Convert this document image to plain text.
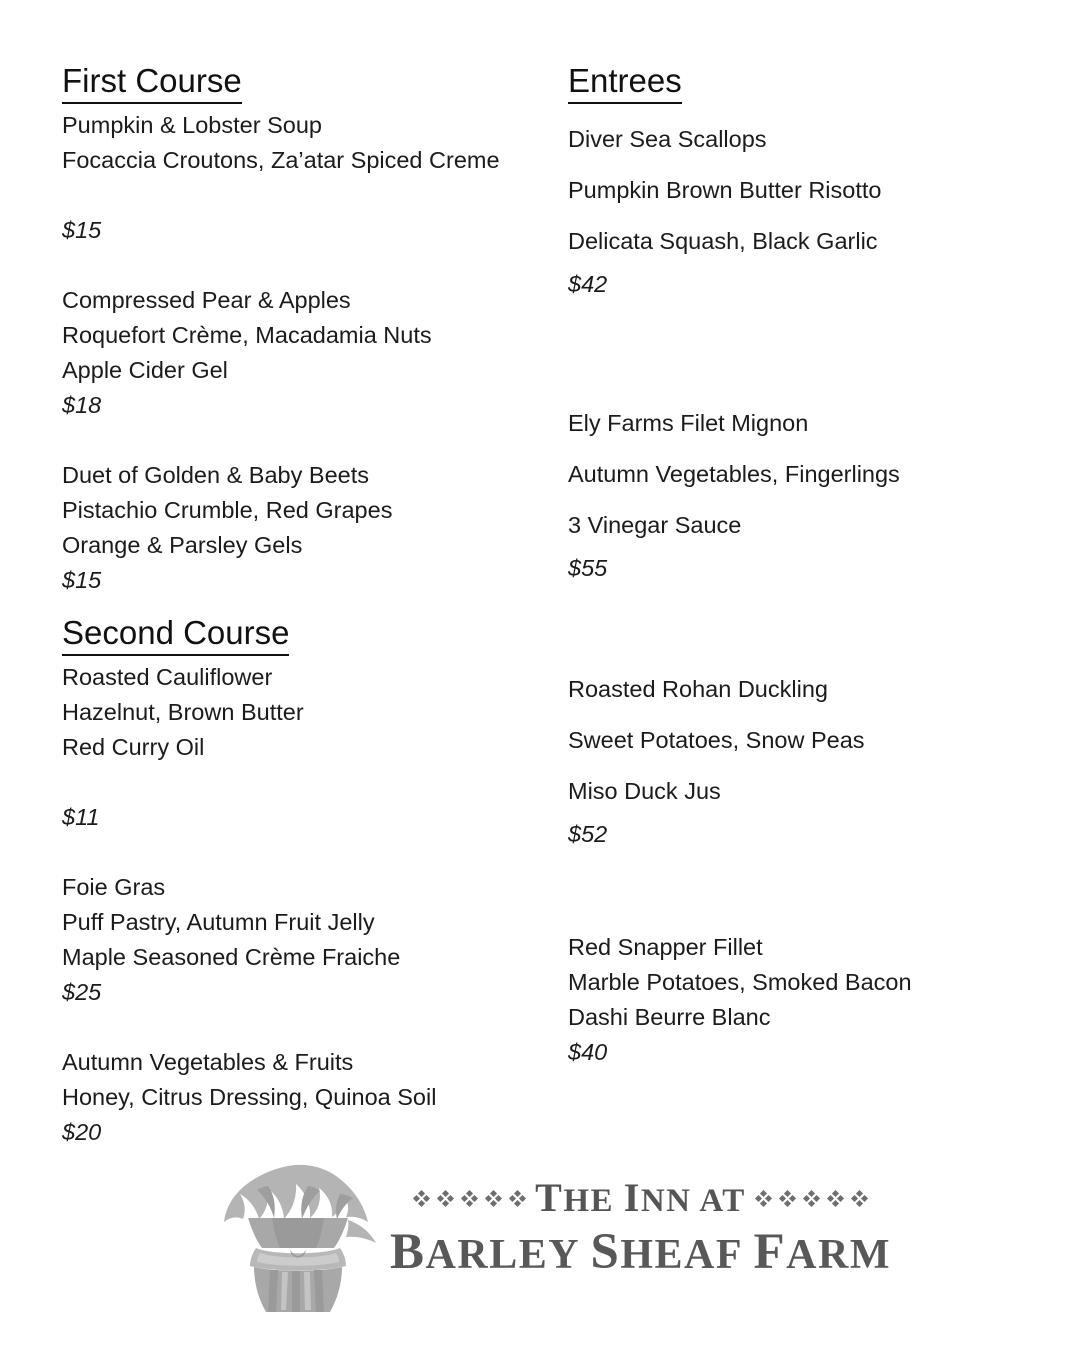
First Course
Pumpkin & Lobster Soup
Focaccia Croutons, Za’atar Spiced Creme
$15
Compressed Pear & Apples
Roquefort Crème, Macadamia Nuts
Apple Cider Gel
$18
Duet of Golden & Baby Beets
Pistachio Crumble, Red Grapes
Orange & Parsley Gels
$15
Second Course
Roasted Cauliflower
Hazelnut, Brown Butter
Red Curry Oil
$11
Foie Gras
Puff Pastry, Autumn Fruit Jelly
Maple Seasoned Crème Fraiche
$25
Autumn Vegetables & Fruits
Honey, Citrus Dressing, Quinoa Soil
$20
Entrees
Diver Sea Scallops
Pumpkin Brown Butter Risotto
Delicata Squash, Black Garlic
$42
Ely Farms Filet Mignon
Autumn Vegetables, Fingerlings
3 Vinegar Sauce
$55
Roasted Rohan Duckling
Sweet Potatoes, Snow Peas
Miso Duck Jus
$52
Red Snapper Fillet
Marble Potatoes, Smoked Bacon
Dashi Beurre Blanc
$40
THE INN AT
BARLEY SHEAF FARM
